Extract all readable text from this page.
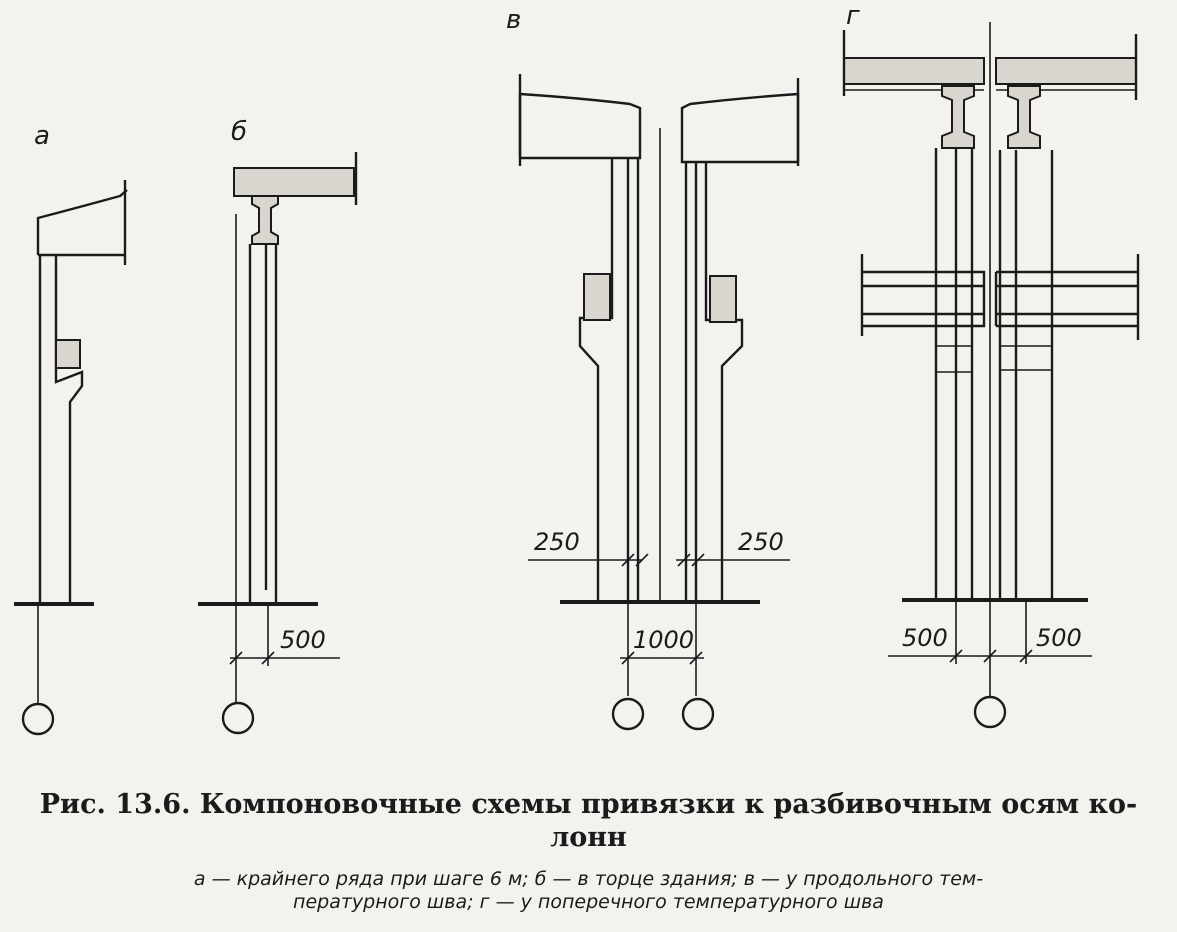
а	б
500
в
250	250
1000
г
500	500
Рис. 13.6. Компоновочные схемы привязки к разбивочным осям ко-
лонн
а — крайнего ряда при шаге 6 м; б — в торце здания; в — у продольного тем-
пературного шва; г — у поперечного температурного шва
